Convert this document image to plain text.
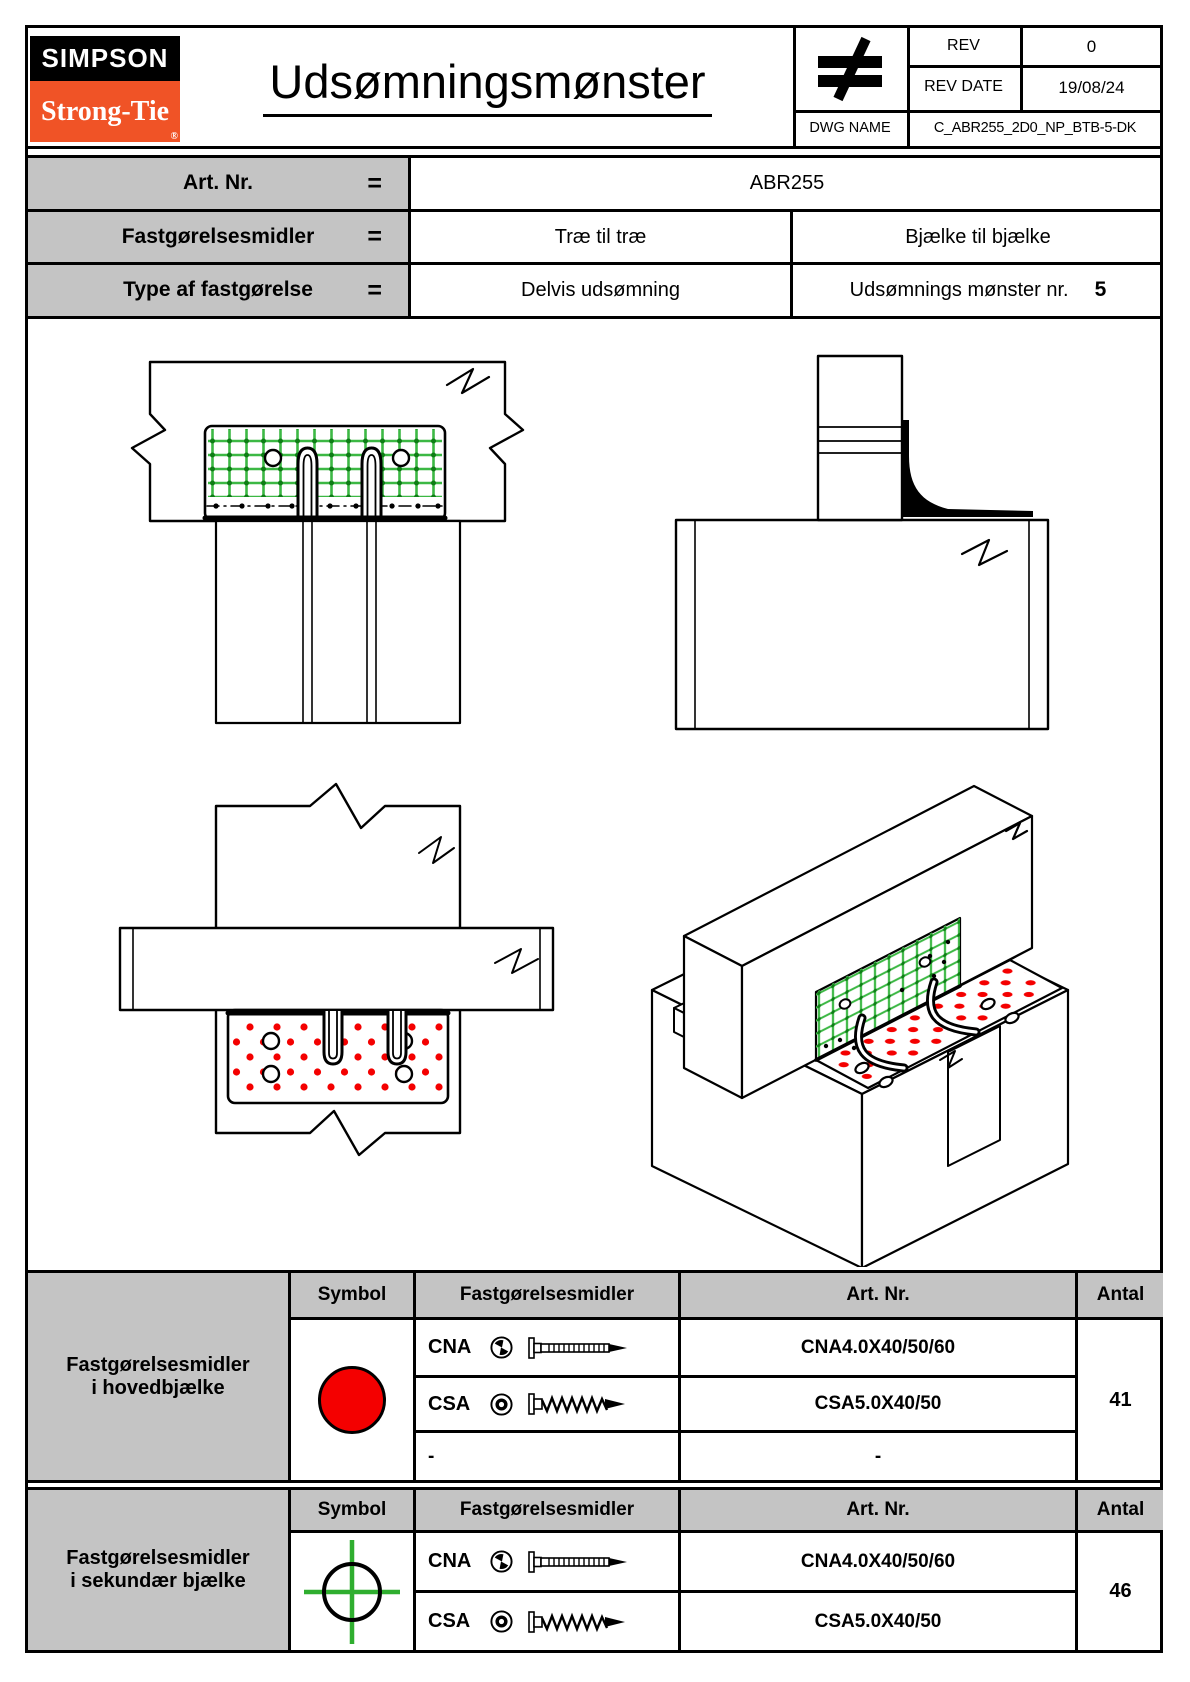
SIMPSON
Strong-Tie
®
Udsømningsmønster
REV	0
REV DATE	19/08/24
DWG NAME	C_ABR255_2D0_NP_BTB-5-DK
Art. Nr.	=	ABR255
Fastgørelsesmidler =	Træ til træ	Bjælke til bjælke
Type af fastgørelse =	Delvis udsømning	Udsømnings mønster nr. 5
Fastgørelsesmidler
i hovedbjælke
Symbol	Fastgørelsesmidler	Art. Nr.	Antal
CNA	CNA4.0X40/50/60
CSA	CSA5.0X40/50
-	-
41
Fastgørelsesmidler
i sekundær bjælke
Symbol	Fastgørelsesmidler	Art. Nr.	Antal
CNA	CNA4.0X40/50/60
CSA	CSA5.0X40/50
46
